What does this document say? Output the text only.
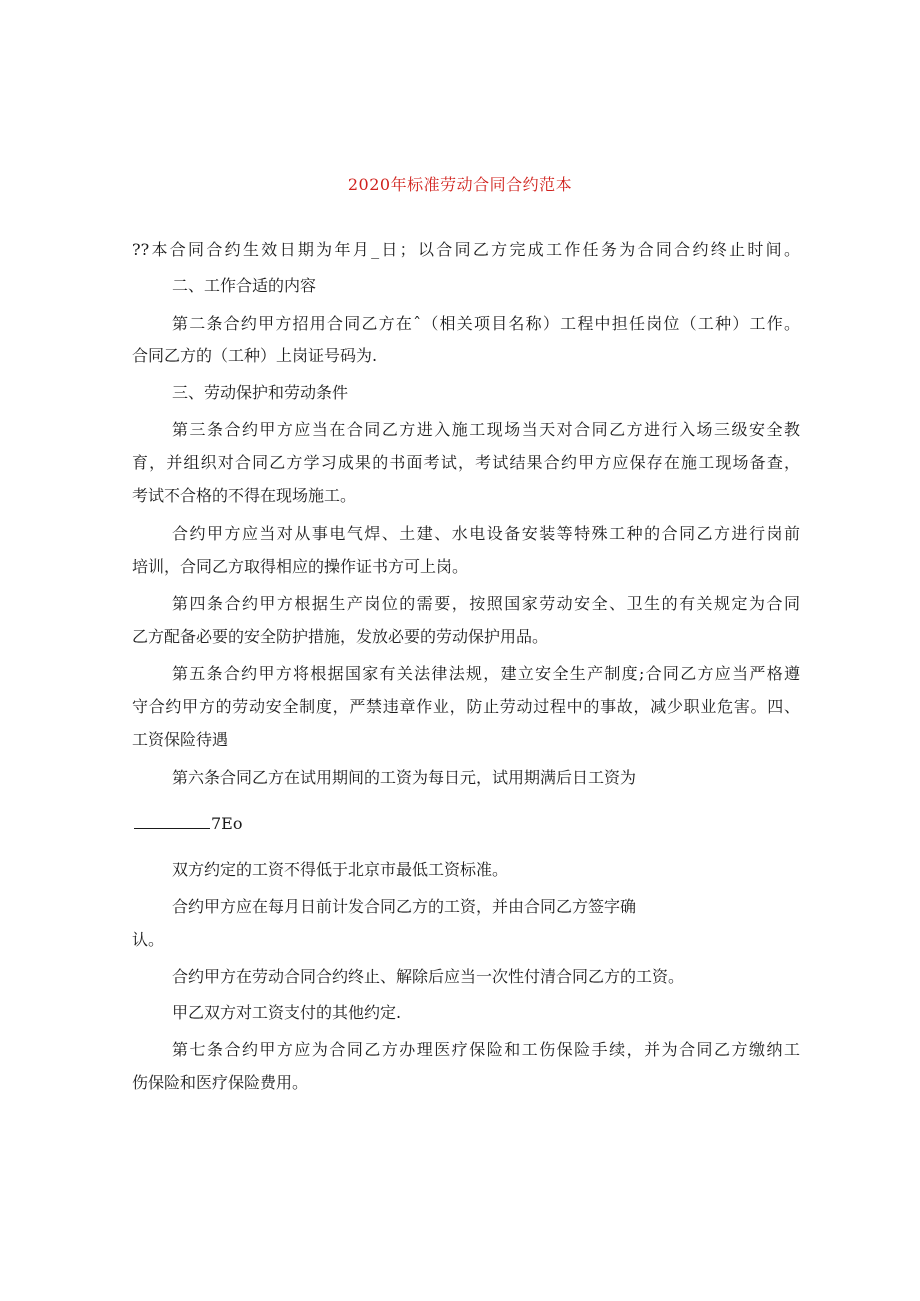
2020年标准劳动合同合约范本
??本合同合约生效日期为年月_日；以合同乙方完成工作任务为合同合约终止时间。
二、工作合适的内容
第二条合约甲方招用合同乙方在ˆ（相关项目名称）工程中担任岗位（工种）工作。
合同乙方的（工种）上岗证号码为.
三、劳动保护和劳动条件
第三条合约甲方应当在合同乙方进入施工现场当天对合同乙方进行入场三级安全教
育，并组织对合同乙方学习成果的书面考试，考试结果合约甲方应保存在施工现场备查，
考试不合格的不得在现场施工。
合约甲方应当对从事电气焊、土建、水电设备安装等特殊工种的合同乙方进行岗前
培训，合同乙方取得相应的操作证书方可上岗。
第四条合约甲方根据生产岗位的需要，按照国家劳动安全、卫生的有关规定为合同
乙方配备必要的安全防护措施，发放必要的劳动保护用品。
第五条合约甲方将根据国家有关法律法规，建立安全生产制度;合同乙方应当严格遵
守合约甲方的劳动安全制度，严禁违章作业，防止劳动过程中的事故，减少职业危害。四、
工资保险待遇
第六条合同乙方在试用期间的工资为每日元，试用期满后日工资为
7Eo
双方约定的工资不得低于北京市最低工资标准。
合约甲方应在每月日前计发合同乙方的工资，并由合同乙方签字确
认。
合约甲方在劳动合同合约终止、解除后应当一次性付清合同乙方的工资。
甲乙双方对工资支付的其他约定.
第七条合约甲方应为合同乙方办理医疗保险和工伤保险手续，并为合同乙方缴纳工
伤保险和医疗保险费用。
